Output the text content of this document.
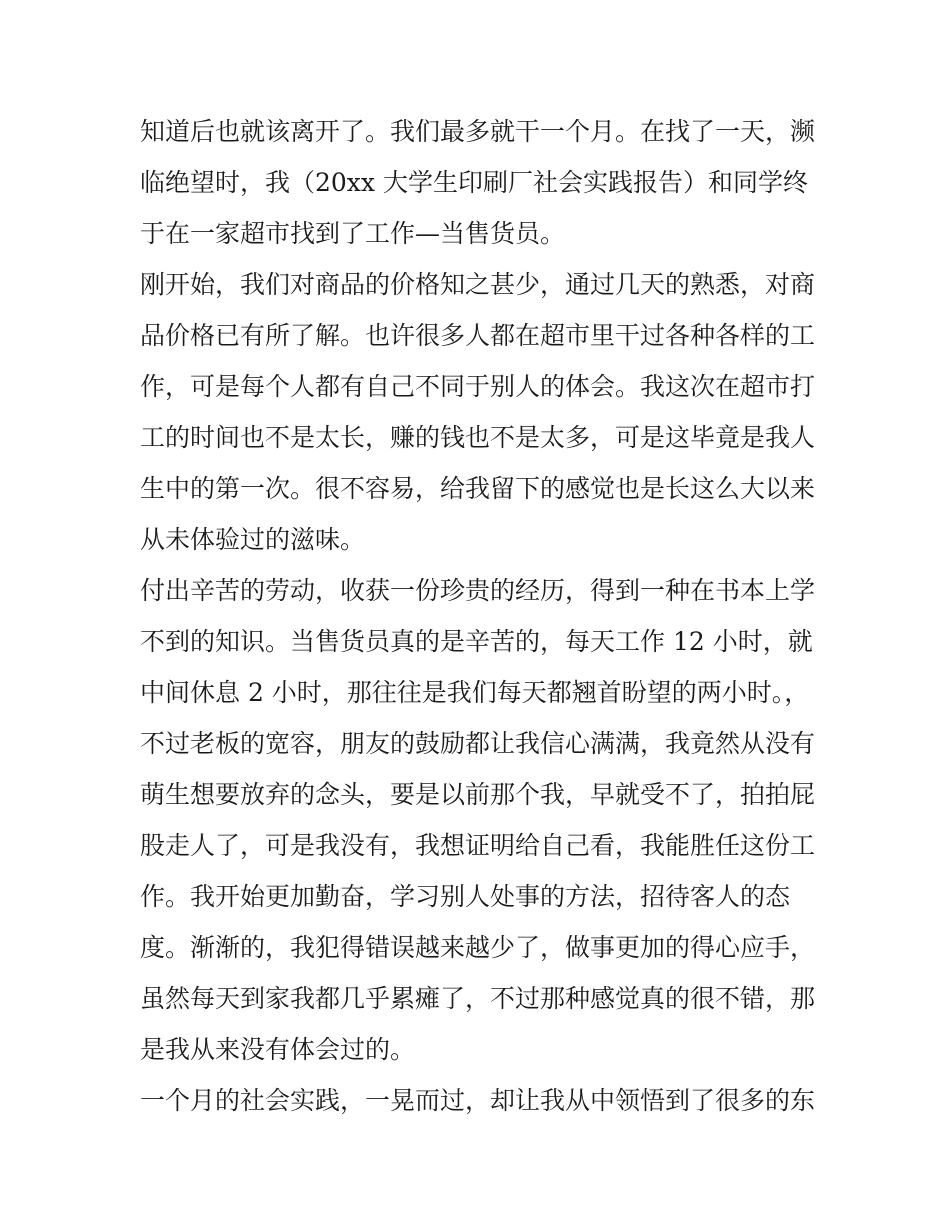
知道后也就该离开了。我们最多就干一个月。在找了一天，濒
临绝望时，我（20xx 大学生印刷厂社会实践报告）和同学终
于在一家超市找到了工作—当售货员。
刚开始，我们对商品的价格知之甚少，通过几天的熟悉，对商
品价格已有所了解。也许很多人都在超市里干过各种各样的工
作，可是每个人都有自己不同于别人的体会。我这次在超市打
工的时间也不是太长，赚的钱也不是太多，可是这毕竟是我人
生中的第一次。很不容易，给我留下的感觉也是长这么大以来
从未体验过的滋味。
付出辛苦的劳动，收获一份珍贵的经历，得到一种在书本上学
不到的知识。当售货员真的是辛苦的，每天工作 12 小时，就
中间休息 2 小时，那往往是我们每天都翘首盼望的两小时。，
不过老板的宽容，朋友的鼓励都让我信心满满，我竟然从没有
萌生想要放弃的念头，要是以前那个我，早就受不了，拍拍屁
股走人了，可是我没有，我想证明给自己看，我能胜任这份工
作。我开始更加勤奋，学习别人处事的方法，招待客人的态
度。渐渐的，我犯得错误越来越少了，做事更加的得心应手，
虽然每天到家我都几乎累瘫了，不过那种感觉真的很不错，那
是我从来没有体会过的。
一个月的社会实践，一晃而过，却让我从中领悟到了很多的东
